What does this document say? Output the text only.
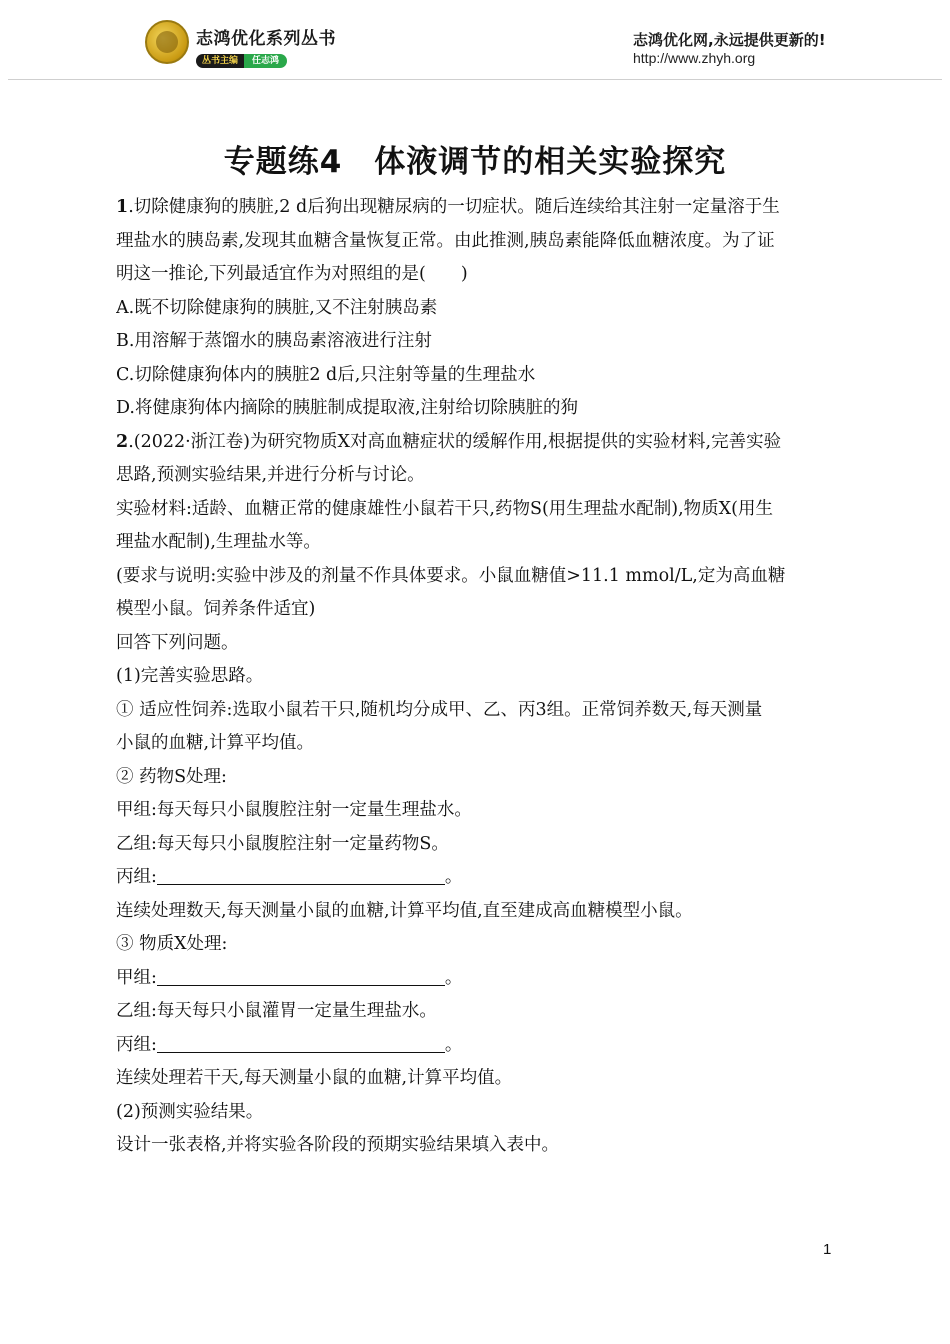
志鸿优化系列丛书
丛书主编 任志鸿
志鸿优化网,永远提供更新的!
http://www.zhyh.org
专题练4　体液调节的相关实验探究
1.切除健康狗的胰脏,2 d后狗出现糖尿病的一切症状。随后连续给其注射一定量溶于生
理盐水的胰岛素,发现其血糖含量恢复正常。由此推测,胰岛素能降低血糖浓度。为了证
明这一推论,下列最适宜作为对照组的是(　　)
A.既不切除健康狗的胰脏,又不注射胰岛素
B.用溶解于蒸馏水的胰岛素溶液进行注射
C.切除健康狗体内的胰脏2 d后,只注射等量的生理盐水
D.将健康狗体内摘除的胰脏制成提取液,注射给切除胰脏的狗
2.(2022·浙江卷)为研究物质X对高血糖症状的缓解作用,根据提供的实验材料,完善实验
思路,预测实验结果,并进行分析与讨论。
实验材料:适龄、血糖正常的健康雄性小鼠若干只,药物S(用生理盐水配制),物质X(用生
理盐水配制),生理盐水等。
(要求与说明:实验中涉及的剂量不作具体要求。小鼠血糖值>11.1 mmol/L,定为高血糖
模型小鼠。饲养条件适宜)
回答下列问题。
(1)完善实验思路。
① 适应性饲养:选取小鼠若干只,随机均分成甲、乙、丙3组。正常饲养数天,每天测量
小鼠的血糖,计算平均值。
② 药物S处理:
甲组:每天每只小鼠腹腔注射一定量生理盐水。
乙组:每天每只小鼠腹腔注射一定量药物S。
丙组:	。
连续处理数天,每天测量小鼠的血糖,计算平均值,直至建成高血糖模型小鼠。
③ 物质X处理:
甲组:	。
乙组:每天每只小鼠灌胃一定量生理盐水。
丙组:	。
连续处理若干天,每天测量小鼠的血糖,计算平均值。
(2)预测实验结果。
设计一张表格,并将实验各阶段的预期实验结果填入表中。
1
